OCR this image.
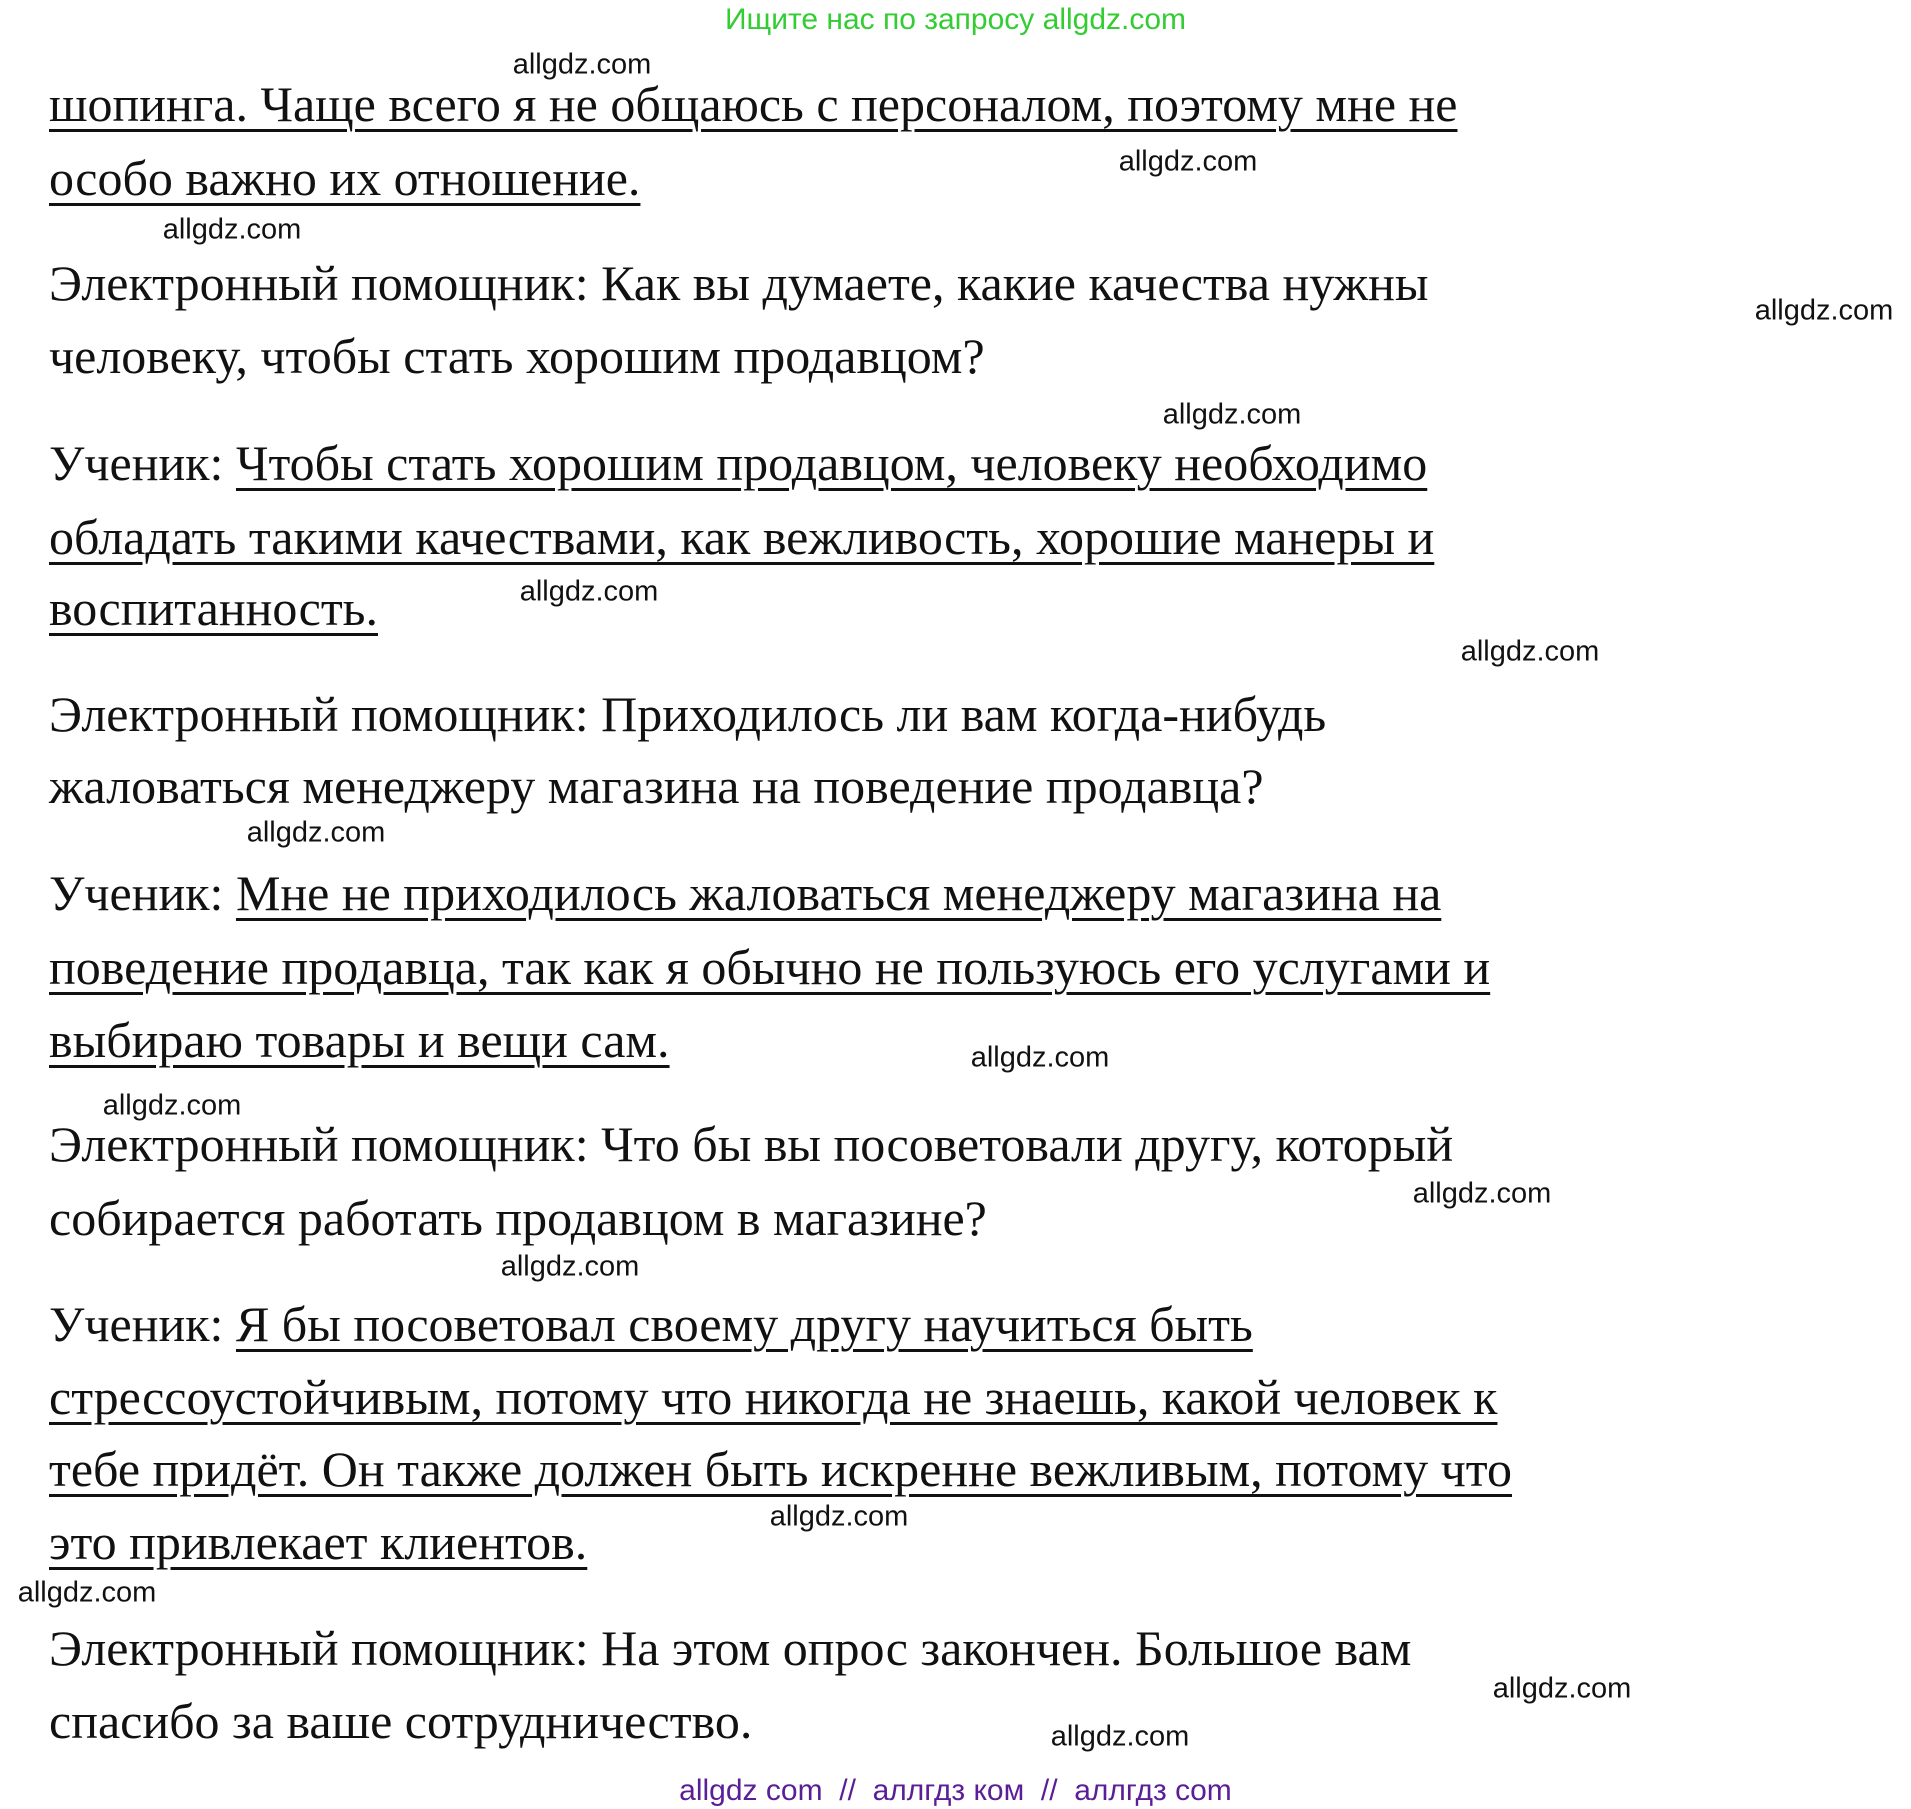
Ищите нас по запросу allgdz.com
шопинга. Чаще всего я не общаюсь с персоналом, поэтому мне не
особо важно их отношение.
Электронный помощник: Как вы думаете, какие качества нужны
человеку, чтобы стать хорошим продавцом?
Ученик: Чтобы стать хорошим продавцом, человеку необходимо
обладать такими качествами, как вежливость, хорошие манеры и
воспитанность.
Электронный помощник: Приходилось ли вам когда-нибудь
жаловаться менеджеру магазина на поведение продавца?
Ученик: Мне не приходилось жаловаться менеджеру магазина на
поведение продавца, так как я обычно не пользуюсь его услугами и
выбираю товары и вещи сам.
Электронный помощник: Что бы вы посоветовали другу, который
собирается работать продавцом в магазине?
Ученик: Я бы посоветовал своему другу научиться быть
стрессоустойчивым, потому что никогда не знаешь, какой человек к
тебе придёт. Он также должен быть искренне вежливым, потому что
это привлекает клиентов.
Электронный помощник: На этом опрос закончен. Большое вам
спасибо за ваше сотрудничество.
allgdz.com
allgdz.com
allgdz.com
allgdz.com
allgdz.com
allgdz.com
allgdz.com
allgdz.com
allgdz.com
allgdz.com
allgdz.com
allgdz.com
allgdz.com
allgdz.com
allgdz.com
allgdz.com
allgdz com  //  аллгдз ком  //  аллгдз com
